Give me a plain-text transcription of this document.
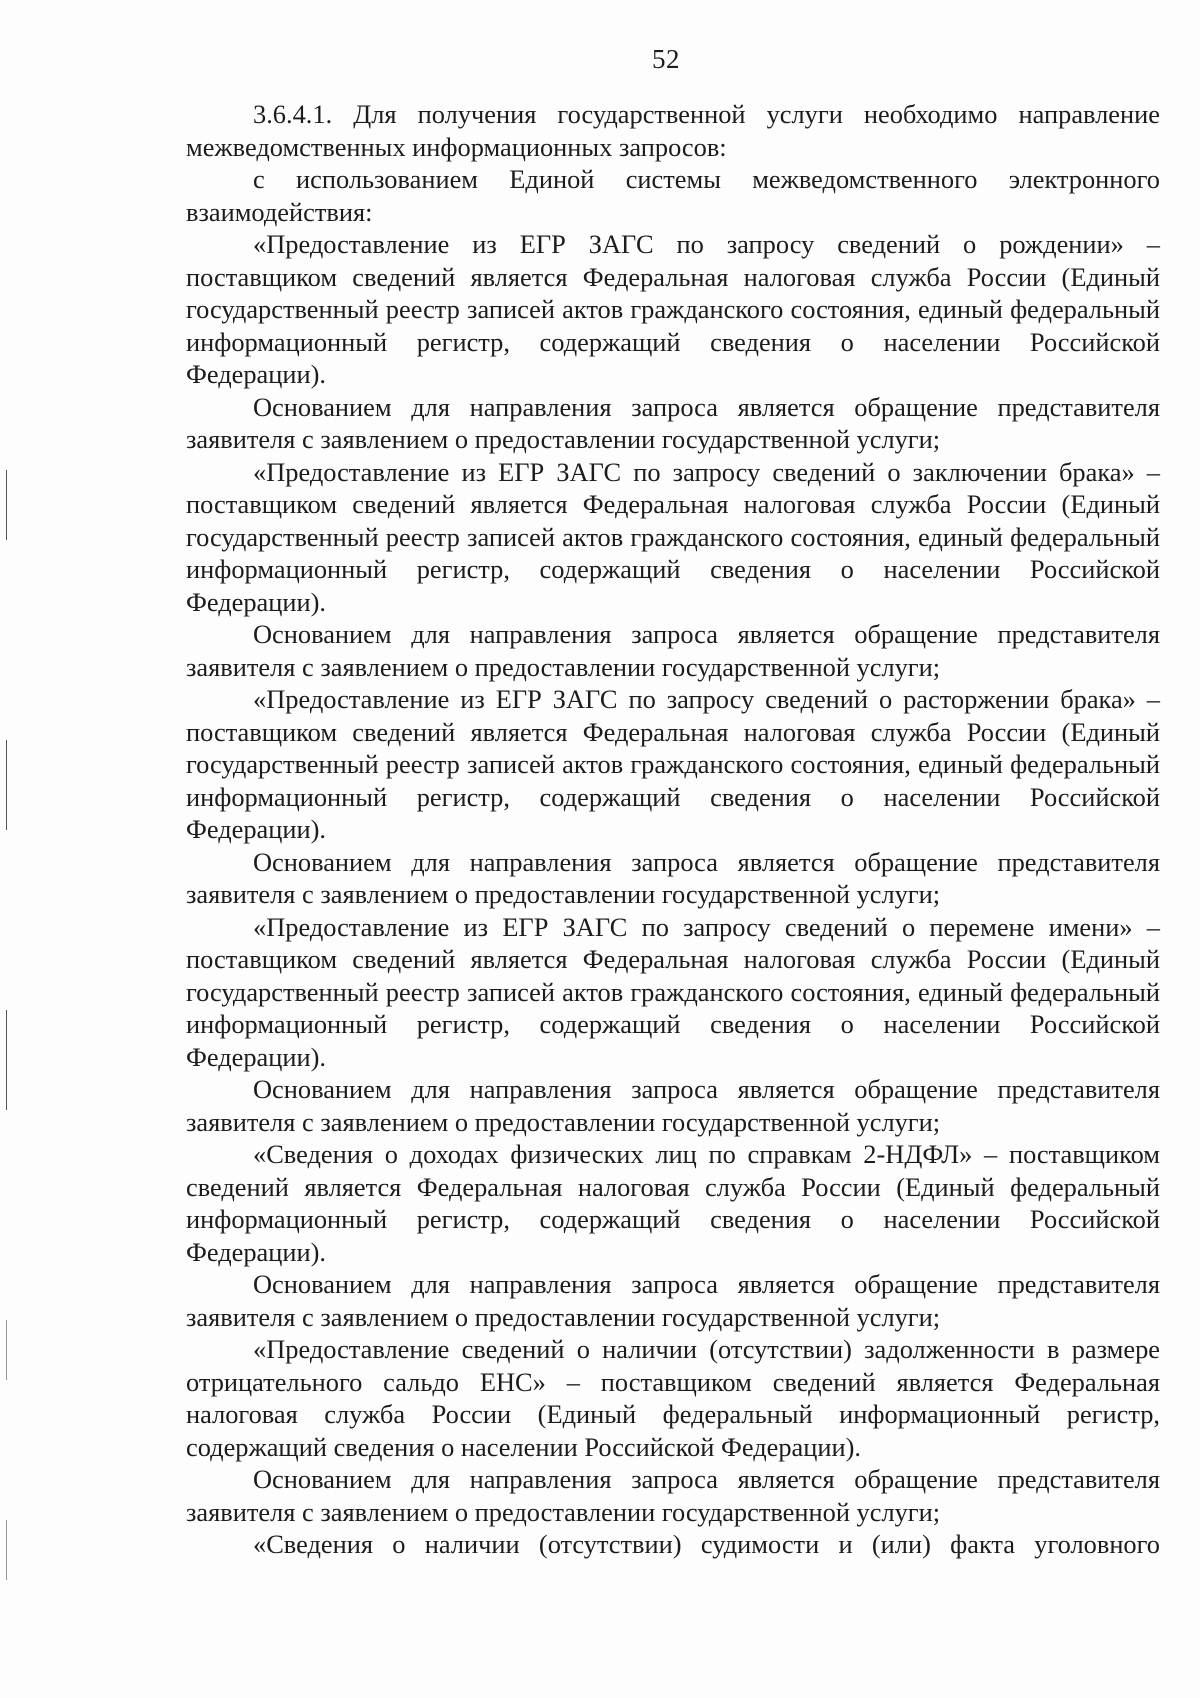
52

3.6.4.1. Для получения государственной услуги необходимо направление межведомственных информационных запросов:

с использованием Единой системы межведомственного электронного взаимодействия:

«Предоставление из ЕГР ЗАГС по запросу сведений о рождении» – поставщиком сведений является Федеральная налоговая служба России (Единый государственный реестр записей актов гражданского состояния, единый федеральный информационный регистр, содержащий сведения о населении Российской Федерации).

Основанием для направления запроса является обращение представителя заявителя с заявлением о предоставлении государственной услуги;

«Предоставление из ЕГР ЗАГС по запросу сведений о заключении брака» – поставщиком сведений является Федеральная налоговая служба России (Единый государственный реестр записей актов гражданского состояния, единый федеральный информационный регистр, содержащий сведения о населении Российской Федерации).

Основанием для направления запроса является обращение представителя заявителя с заявлением о предоставлении государственной услуги;

«Предоставление из ЕГР ЗАГС по запросу сведений о расторжении брака» – поставщиком сведений является Федеральная налоговая служба России (Единый государственный реестр записей актов гражданского состояния, единый федеральный информационный регистр, содержащий сведения о населении Российской Федерации).

Основанием для направления запроса является обращение представителя заявителя с заявлением о предоставлении государственной услуги;

«Предоставление из ЕГР ЗАГС по запросу сведений о перемене имени» – поставщиком сведений является Федеральная налоговая служба России (Единый государственный реестр записей актов гражданского состояния, единый федеральный информационный регистр, содержащий сведения о населении Российской Федерации).

Основанием для направления запроса является обращение представителя заявителя с заявлением о предоставлении государственной услуги;

«Сведения о доходах физических лиц по справкам 2-НДФЛ» – поставщиком сведений является Федеральная налоговая служба России (Единый федеральный информационный регистр, содержащий сведения о населении Российской Федерации).

Основанием для направления запроса является обращение представителя заявителя с заявлением о предоставлении государственной услуги;

«Предоставление сведений о наличии (отсутствии) задолженности в размере отрицательного сальдо ЕНС» – поставщиком сведений является Федеральная налоговая служба России (Единый федеральный информационный регистр, содержащий сведения о населении Российской Федерации).

Основанием для направления запроса является обращение представителя заявителя с заявлением о предоставлении государственной услуги;

«Сведения о наличии (отсутствии) судимости и (или) факта уголовного
